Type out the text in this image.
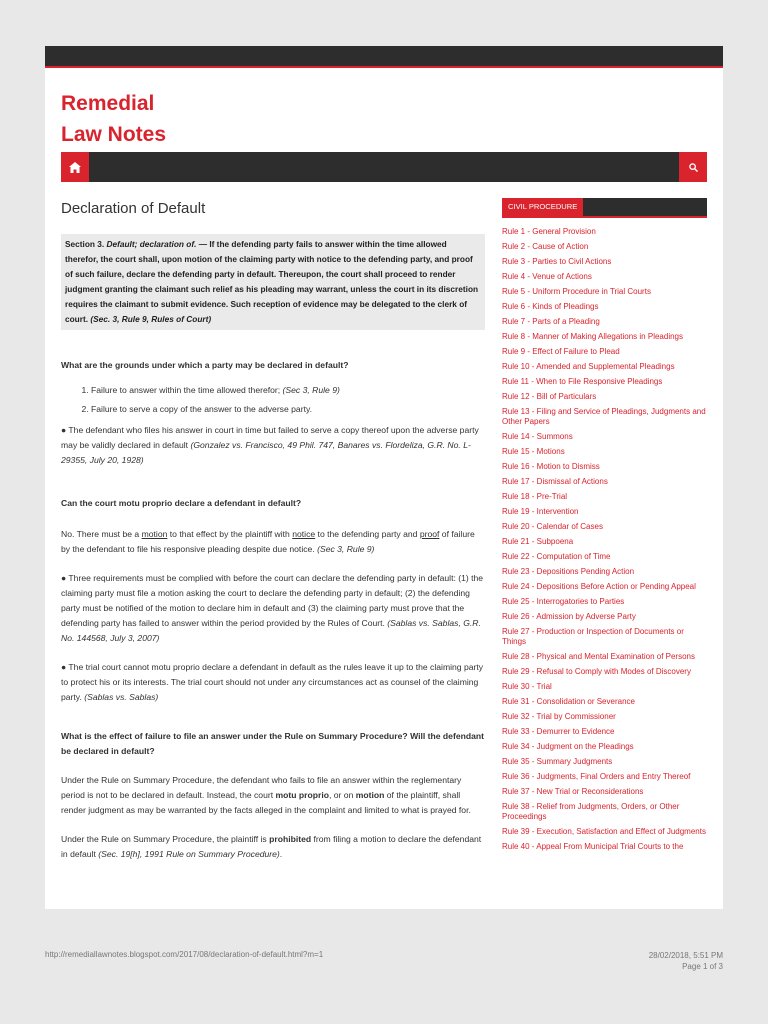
Remedial
Law Notes
Declaration of Default
Section 3. Default; declaration of. — If the defending party fails to answer within the time allowed therefor, the court shall, upon motion of the claiming party with notice to the defending party, and proof of such failure, declare the defending party in default. Thereupon, the court shall proceed to render judgment granting the claimant such relief as his pleading may warrant, unless the court in its discretion requires the claimant to submit evidence. Such reception of evidence may be delegated to the clerk of court. (Sec. 3, Rule 9, Rules of Court)
What are the grounds under which a party may be declared in default?
1. Failure to answer within the time allowed therefor; (Sec 3, Rule 9)
2. Failure to serve a copy of the answer to the adverse party.
● The defendant who files his answer in court in time but failed to serve a copy thereof upon the adverse party may be validly declared in default (Gonzalez vs. Francisco, 49 Phil. 747, Banares vs. Flordeliza, G.R. No. L-29355, July 20, 1928)
Can the court motu proprio declare a defendant in default?
No. There must be a motion to that effect by the plaintiff with notice to the defending party and proof of failure by the defendant to file his responsive pleading despite due notice. (Sec 3, Rule 9)
● Three requirements must be complied with before the court can declare the defending party in default: (1) the claiming party must file a motion asking the court to declare the defending party in default; (2) the defending party must be notified of the motion to declare him in default and (3) the claiming party must prove that the defending party has failed to answer within the period provided by the Rules of Court. (Sablas vs. Sablas, G.R. No. 144568, July 3, 2007)
● The trial court cannot motu proprio declare a defendant in default as the rules leave it up to the claiming party to protect his or its interests. The trial court should not under any circumstances act as counsel of the claiming party. (Sablas vs. Sablas)
What is the effect of failure to file an answer under the Rule on Summary Procedure? Will the defendant be declared in default?
Under the Rule on Summary Procedure, the defendant who fails to file an answer within the reglementary period is not to be declared in default. Instead, the court motu proprio, or on motion of the plaintiff, shall render judgment as may be warranted by the facts alleged in the complaint and limited to what is prayed for.
Under the Rule on Summary Procedure, the plaintiff is prohibited from filing a motion to declare the defendant in default (Sec. 19[h], 1991 Rule on Summary Procedure).
CIVIL PROCEDURE
Rule 1 - General Provision
Rule 2 - Cause of Action
Rule 3 - Parties to Civil Actions
Rule 4 - Venue of Actions
Rule 5 - Uniform Procedure in Trial Courts
Rule 6 - Kinds of Pleadings
Rule 7 - Parts of a Pleading
Rule 8 - Manner of Making Allegations in Pleadings
Rule 9 - Effect of Failure to Plead
Rule 10 - Amended and Supplemental Pleadings
Rule 11 - When to File Responsive Pleadings
Rule 12 - Bill of Particulars
Rule 13 - Filing and Service of Pleadings, Judgments and Other Papers
Rule 14 - Summons
Rule 15 - Motions
Rule 16 - Motion to Dismiss
Rule 17 - Dismissal of Actions
Rule 18 - Pre-Trial
Rule 19 - Intervention
Rule 20 - Calendar of Cases
Rule 21 - Subpoena
Rule 22 - Computation of Time
Rule 23 - Depositions Pending Action
Rule 24 - Depositions Before Action or Pending Appeal
Rule 25 - Interrogatories to Parties
Rule 26 - Admission by Adverse Party
Rule 27 - Production or Inspection of Documents or Things
Rule 28 - Physical and Mental Examination of Persons
Rule 29 - Refusal to Comply with Modes of Discovery
Rule 30 - Trial
Rule 31 - Consolidation or Severance
Rule 32 - Trial by Commissioner
Rule 33 - Demurrer to Evidence
Rule 34 - Judgment on the Pleadings
Rule 35 - Summary Judgments
Rule 36 - Judgments, Final Orders and Entry Thereof
Rule 37 - New Trial or Reconsiderations
Rule 38 - Relief from Judgments, Orders, or Other Proceedings
Rule 39 - Execution, Satisfaction and Effect of Judgments
Rule 40 - Appeal From Municipal Trial Courts to the
http://remediallawnotes.blogspot.com/2017/08/declaration-of-default.html?m=1	28/02/2018, 5:51 PM
Page 1 of 3
